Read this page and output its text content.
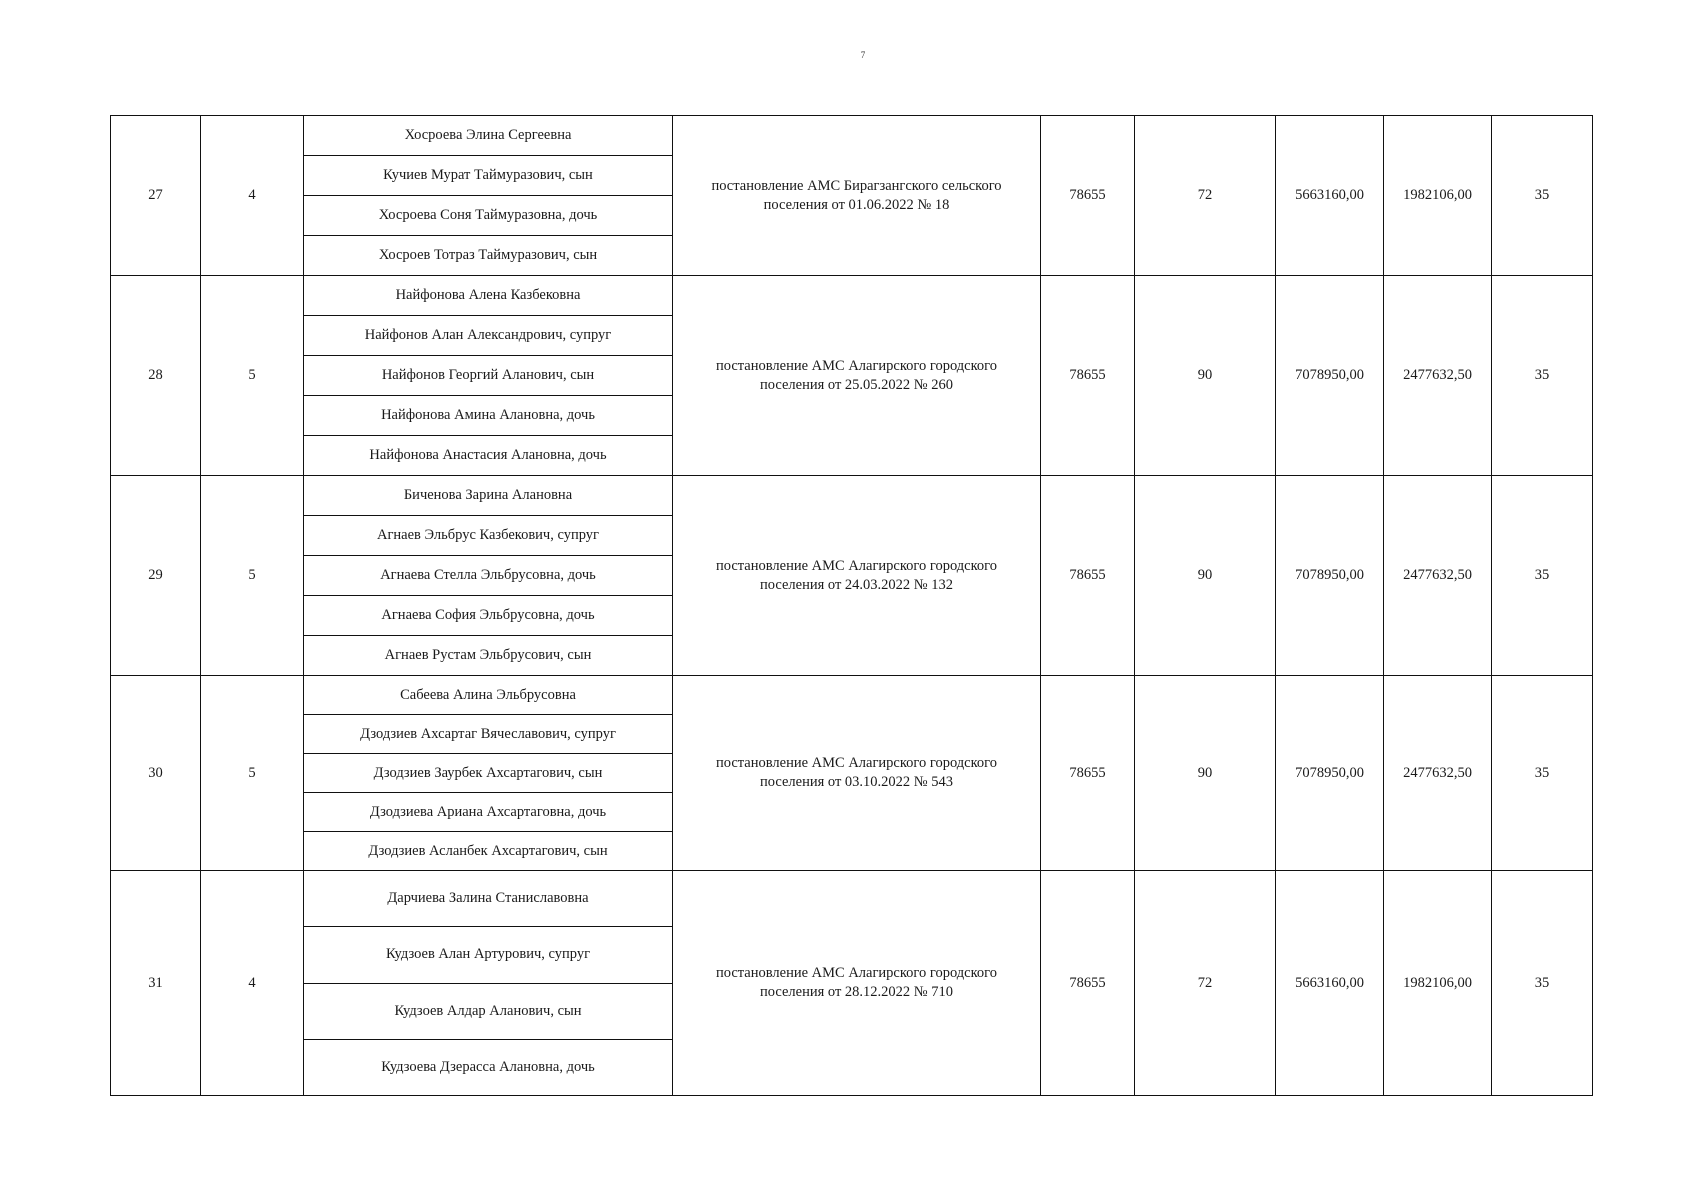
7
27	4	Хосроева Элина Сергеевна	постановление АМС Бирагзангского сельского
поселения от 01.06.2022 № 18	78655	72	5663160,00	1982106,00	35
		Кучиев Мурат Таймуразович, сын						
		Хосроева Соня Таймуразовна, дочь						
		Хосроев Тотраз Таймуразович, сын						
28	5	Найфонова Алена Казбековна	постановление АМС Алагирского городского
поселения от 25.05.2022 № 260	78655	90	7078950,00	2477632,50	35
		Найфонов Алан Александрович, супруг						
		Найфонов Георгий Аланович, сын						
		Найфонова Амина Алановна, дочь						
		Найфонова Анастасия Алановна, дочь						
29	5	Биченова Зарина Алановна	постановление АМС Алагирского городского
поселения от 24.03.2022 № 132	78655	90	7078950,00	2477632,50	35
		Агнаев Эльбрус Казбекович, супруг						
		Агнаева Стелла Эльбрусовна, дочь						
		Агнаева София Эльбрусовна, дочь						
		Агнаев Рустам Эльбрусович, сын						
30	5	Сабеева Алина Эльбрусовна	постановление АМС Алагирского городского
поселения от 03.10.2022 № 543	78655	90	7078950,00	2477632,50	35
		Дзодзиев Ахсартаг Вячеславович, супруг						
		Дзодзиев Заурбек Ахсартагович, сын						
		Дзодзиева Ариана Ахсартаговна, дочь						
		Дзодзиев Асланбек Ахсартагович, сын						
31	4	Дарчиева Залина Станиславовна	постановление АМС Алагирского городского
поселения от 28.12.2022 № 710	78655	72	5663160,00	1982106,00	35
		Кудзоев Алан Артурович, супруг						
		Кудзоев Алдар Аланович, сын						
		Кудзоева Дзерасса Алановна, дочь						
